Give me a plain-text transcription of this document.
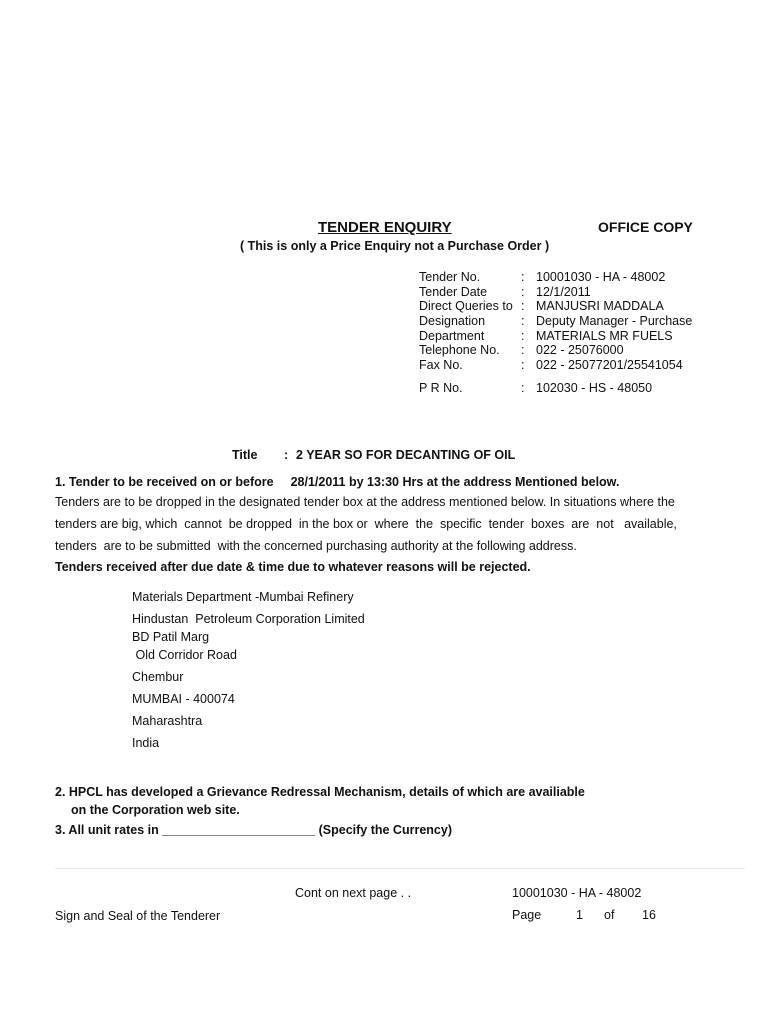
TENDER ENQUIRY	OFFICE COPY
( This is only a Price Enquiry not a Purchase Order )
Tender No.	: 10001030 - HA - 48002
Tender Date	: 12/1/2011
Direct Queries to : MANJUSRI MADDALA
Designation	: Deputy Manager - Purchase
Department	: MATERIALS MR FUELS
Telephone No.	: 022 - 25076000
Fax No.	: 022 - 25077201/25541054
P R No.	: 102030 - HS - 48050
Title : 2 YEAR SO FOR DECANTING OF OIL
1. Tender to be received on or before 28/1/2011 by 13:30 Hrs at the address Mentioned below.
Tenders are to be dropped in the designated tender box at the address mentioned below. In situations where the
tenders are big, which  cannot  be dropped  in the box or  where  the  specific  tender  boxes  are  not   available,
tenders  are to be submitted  with the concerned purchasing authority at the following address.
Tenders received after due date & time due to whatever reasons will be rejected.
Materials Department -Mumbai Refinery
Hindustan  Petroleum Corporation Limited
BD Patil Marg
Old Corridor Road
Chembur
MUMBAI - 400074
Maharashtra
India
2. HPCL has developed a Grievance Redressal Mechanism, details of which are availiable
on the Corporation web site.
3. All unit rates in ______________________ (Specify the Currency)
Cont on next page . .	10001030 - HA - 48002
Sign and Seal of the Tenderer	Page	1 of 16
